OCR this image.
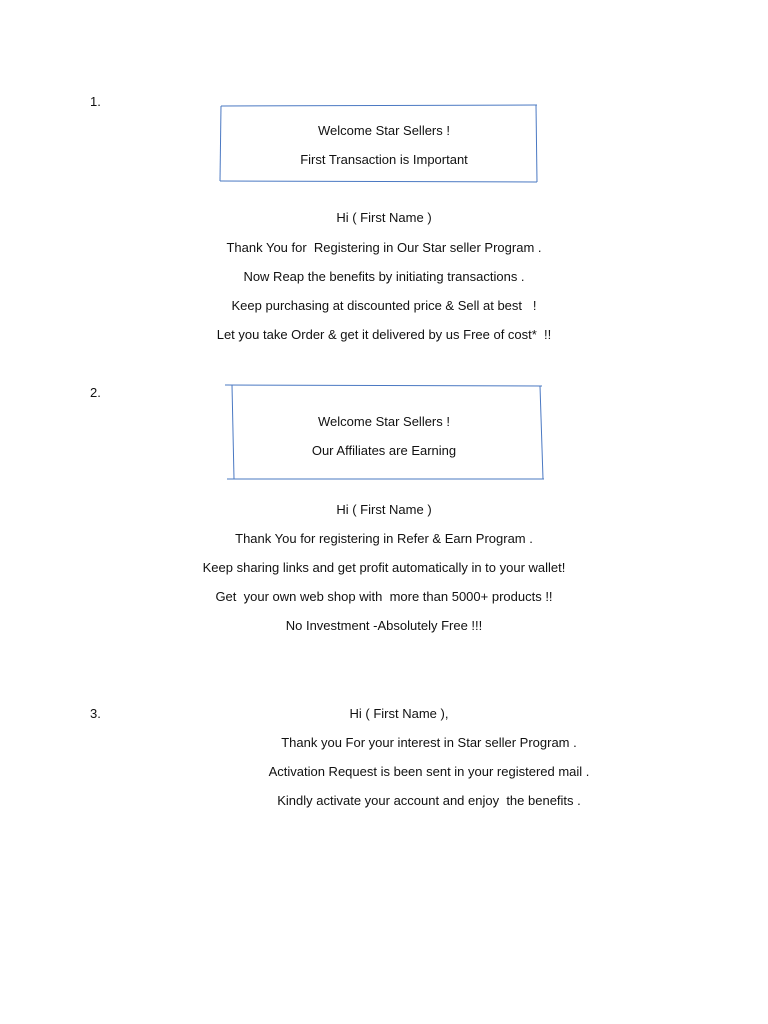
1.
Welcome Star Sellers !
First Transaction is Important
Hi ( First Name )
Thank You for  Registering in Our Star seller Program .
Now Reap the benefits by initiating transactions .
Keep purchasing at discounted price & Sell at best   !
Let you take Order & get it delivered by us Free of cost*  !!
2.
Welcome Star Sellers !
Our Affiliates are Earning
Hi ( First Name )
Thank You for registering in Refer & Earn Program .
Keep sharing links and get profit automatically in to your wallet!
Get  your own web shop with  more than 5000+ products !!
No Investment -Absolutely Free !!!
3.	Hi ( First Name ),
Thank you For your interest in Star seller Program .
Activation Request is been sent in your registered mail .
Kindly activate your account and enjoy  the benefits .
